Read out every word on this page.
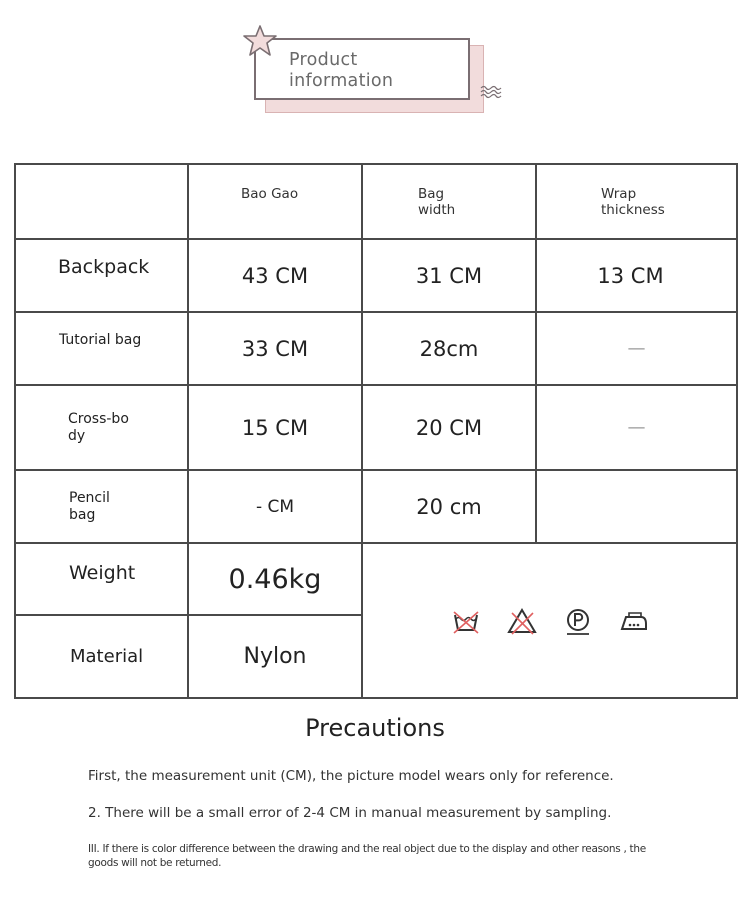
Product
information
	Bao Gao	Bag width	Wrap thickness

Backpack	43 CM	31 CM	13 CM
Tutorial bag	33 CM	28cm	—

Cross-body	15 CM	20 CM	—

Pencil bag	- CM	20 cm	
Weight	0.46kg	

Material	Nylon		
Precautions
First, the measurement unit (CM), the picture model wears only for reference.
2. There will be a small error of 2-4 CM in manual measurement by sampling.
III. If there is color difference between the drawing and the real object due to the display and other reasons , the goods will not be returned.
